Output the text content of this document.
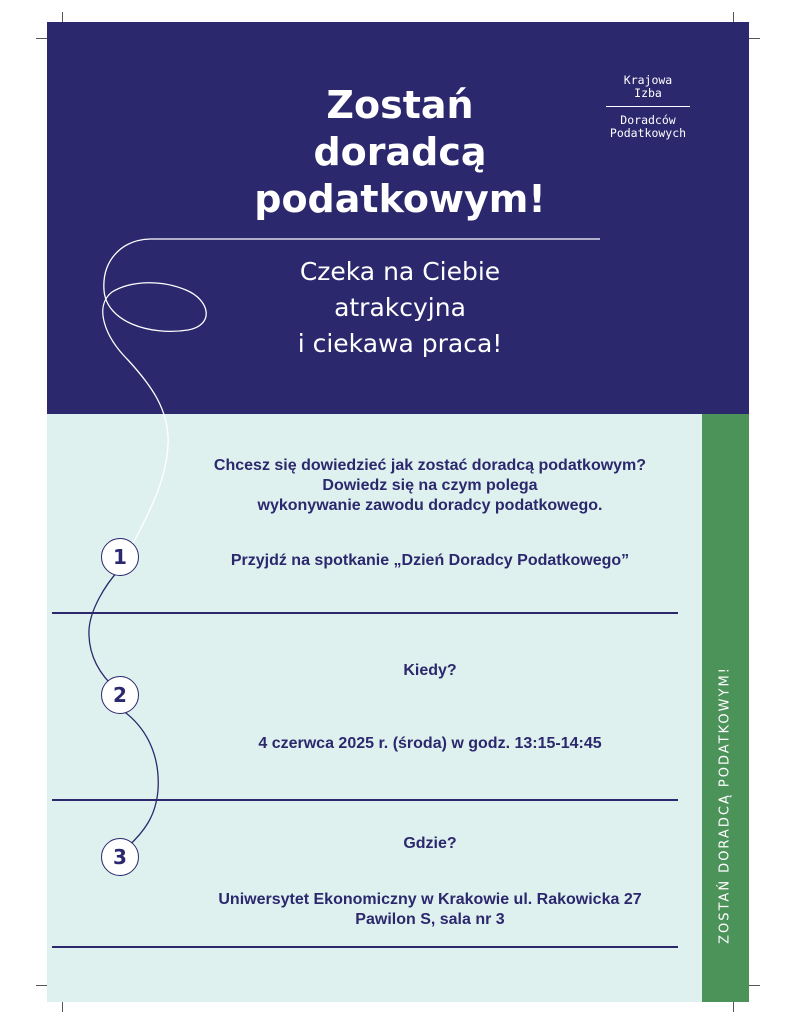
ZOSTAŃ DORADCĄ PODATKOWYM!
Krajowa
Izba
Doradców
Podatkowych
Zostań
doradcą
podatkowym!
Czeka na Ciebie
atrakcyjna
i ciekawa praca!
1
Chcesz się dowiedzieć jak zostać doradcą podatkowym?
Dowiedz się na czym polega
wykonywanie zawodu doradcy podatkowego.
Przyjdź na spotkanie „Dzień Doradcy Podatkowego”
2
Kiedy?
4 czerwca 2025 r. (środa) w godz. 13:15-14:45
3
Gdzie?
Uniwersytet Ekonomiczny w Krakowie ul. Rakowicka 27
Pawilon S, sala nr 3
